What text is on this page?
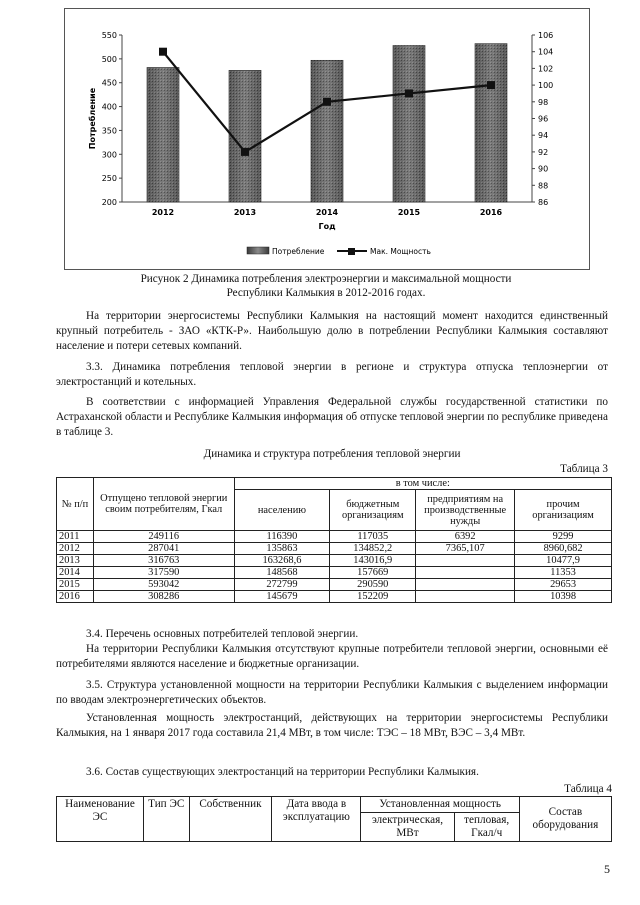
550
500
450
400
350
300
250
200
106
104
102
100
98
96
94
92
90
88
86
2012	2013	2014	2015	2016
Потребление
Год
Потребление	Мак. Мощность
Рисунок 2 Динамика потребления электроэнергии и максимальной мощности
Республики Калмыкия в 2012-2016 годах.
На территории энергосистемы Республики Калмыкия на настоящий момент находится единственный крупный потребитель - ЗАО «КТК-Р». Наибольшую долю в потреблении Республики Калмыкия составляют население и потери сетевых компаний.
3.3. Динамика потребления тепловой энергии в регионе и структура отпуска теплоэнергии от электростанций и котельных.
В соответствии с информацией Управления Федеральной службы государственной статистики по Астраханской области и Республике Калмыкия информация об отпуске тепловой энергии по республике приведена в таблице 3.
Динамика и структура потребления тепловой энергии
Таблица 3
№ п/п	Отпущено тепловой энергии своим потребителям, Гкал	в том числе:			
		населению	бюджетным организациям	предприятиям на производственные нужды	прочим организациям
2011	249116	116390	117035	6392	9299
2012	287041	135863	134852,2	7365,107	8960,682
2013	316763	163268,6	143016,9		10477,9
2014	317590	148568	157669		11353
2015	593042	272799	290590		29653
2016	308286	145679	152209		10398
3.4. Перечень основных потребителей тепловой энергии.
На территории Республики Калмыкия отсутствуют крупные потребители тепловой энергии, основными её потребителями являются население и бюджетные организации.
3.5. Структура установленной мощности на территории Республики Калмыкия с выделением информации по вводам электроэнергетических объектов.
Установленная мощность электростанций, действующих на территории энергосистемы Республики Калмыкия, на 1 января 2017 года составила 21,4 МВт, в том числе: ТЭС – 18 МВт, ВЭС – 3,4 МВт.
3.6. Состав существующих электростанций на территории Республики Калмыкия.
Таблица 4
Наименование ЭС	Тип ЭС	Собственник	Дата ввода в эксплуатацию	Установленная мощность		Состав оборудования
				электрическая, МВт	тепловая, Гкал/ч	
5
